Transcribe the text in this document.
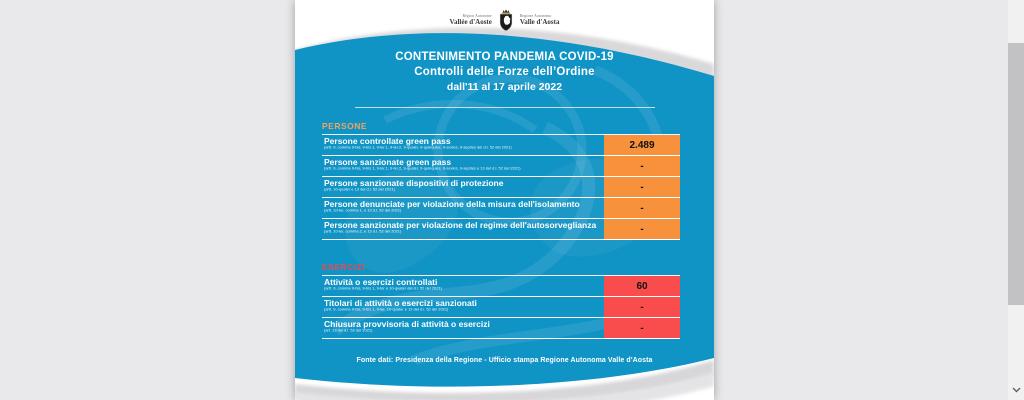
Région Autonome
Vallée d'Aoste
Regione Autonoma
Valle d'Aosta
CONTENIMENTO PANDEMIA COVID-19
Controlli delle Forze dell’Ordine
dall'11 al 17 aprile 2022
PERSONE
Persone controllate green pass
(artt. 9, comma 9-bis, 9-bis.1, 9-ter.1, 9-ter.2, 9-quater, 9-quinquies, 9-sexies, 9-septies del d.l. 52 del 2021)	2.489
Persone sanzionate green pass
(artt. 9, comma 9-bis, 9-bis.1, 9-ter.1, 9-ter.2, 9-quater, 9-quinquies, 9-sexies, 9-septies e 13 del d.l. 52 del 2021)	-
Persone sanzionate dispositivi di protezione
(artt. 10-quater e 13 del d.l. 52 del 2021)	-
Persone denunciate per violazione della misura dell'isolamento
(artt. 10-ter, comma 1, e 13 d.l. 52 del 2021)	-
Persone sanzionate per violazione del regime dell'autosorveglianza
(artt. 10-ter, comma 2, e 13 d.l. 52 del 2021)	-
ESERCIZI
Attività o esercizi controllati
(artt. 9, comma 9-bis, 9-bis.1, 9-ter e 10-quater del d.l. 52 del 2021)	60
Titolari di attività o esercizi sanzionati
(artt. 9, comma 9-bis, 9-bis.1, 9-ter, 10-quater e 13 del d.l. 52 del 2021)	-
Chiusura provvisoria di attività o esercizi
(art. 13 del d.l. 52 del 2021)	-
Fonte dati: Presidenza della Regione - Ufficio stampa Regione Autonoma Valle d'Aosta
